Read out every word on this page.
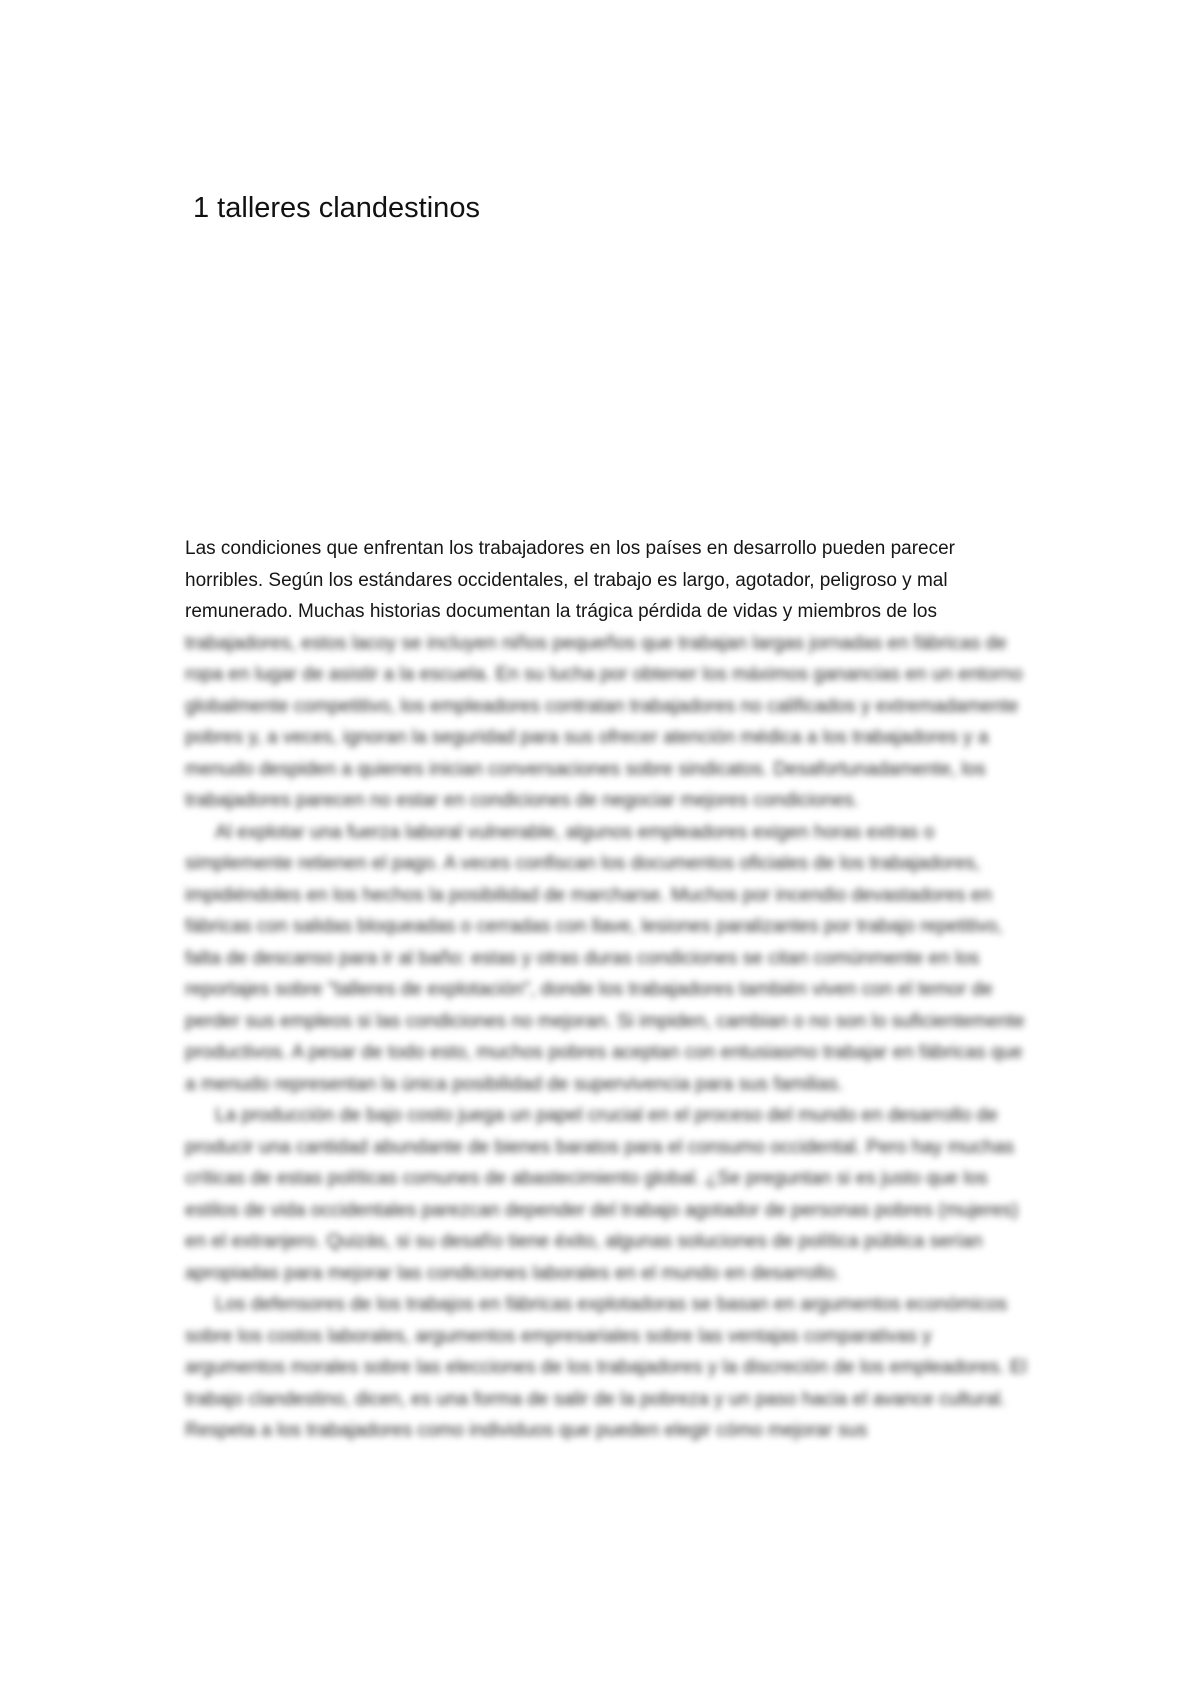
1 talleres clandestinos

Las condiciones que enfrentan los trabajadores en los países en desarrollo pueden parecer horribles. Según los estándares occidentales, el trabajo es largo, agotador, peligroso y mal remunerado. Muchas historias documentan la trágica pérdida de vidas y miembros de los

trabajadores, estos lacoy se incluyen niños pequeños que trabajan largas jornadas en fábricas de ropa en lugar de asistir a la escuela. En su lucha por obtener los máximos ganancias en un entorno globalmente competitivo, los empleadores contratan trabajadores no calificados y extremadamente pobres y, a veces, ignoran la seguridad para sus ofrecer atención médica a los trabajadores y a menudo despiden a quienes inician conversaciones sobre sindicatos. Desafortunadamente, los trabajadores parecen no estar en condiciones de negociar mejores condiciones.

Al explotar una fuerza laboral vulnerable, algunos empleadores exigen horas extras o simplemente retienen el pago. A veces confiscan los documentos oficiales de los trabajadores, impidiéndoles en los hechos la posibilidad de marcharse. Muchos por incendio devastadores en fábricas con salidas bloqueadas o cerradas con llave, lesiones paralizantes por trabajo repetitivo, falta de descanso para ir al baño: estas y otras duras condiciones se citan comúnmente en los reportajes sobre "talleres de explotación", donde los trabajadores también viven con el temor de perder sus empleos si las condiciones no mejoran. Si impiden, cambian o no son lo suficientemente productivos. A pesar de todo esto, muchos pobres aceptan con entusiasmo trabajar en fábricas que a menudo representan la única posibilidad de supervivencia para sus familias.

La producción de bajo costo juega un papel crucial en el proceso del mundo en desarrollo de producir una cantidad abundante de bienes baratos para el consumo occidental. Pero hay muchas críticas de estas políticas comunes de abastecimiento global. ¿Se preguntan si es justo que los estilos de vida occidentales parezcan depender del trabajo agotador de personas pobres (mujeres) en el extranjero. Quizás, si su desafío tiene éxito, algunas soluciones de política pública serían apropiadas para mejorar las condiciones laborales en el mundo en desarrollo.

Los defensores de los trabajos en fábricas explotadoras se basan en argumentos económicos sobre los costos laborales, argumentos empresariales sobre las ventajas comparativas y argumentos morales sobre las elecciones de los trabajadores y la discreción de los empleadores. El trabajo clandestino, dicen, es una forma de salir de la pobreza y un paso hacia el avance cultural. Respeta a los trabajadores como individuos que pueden elegir cómo mejorar sus
